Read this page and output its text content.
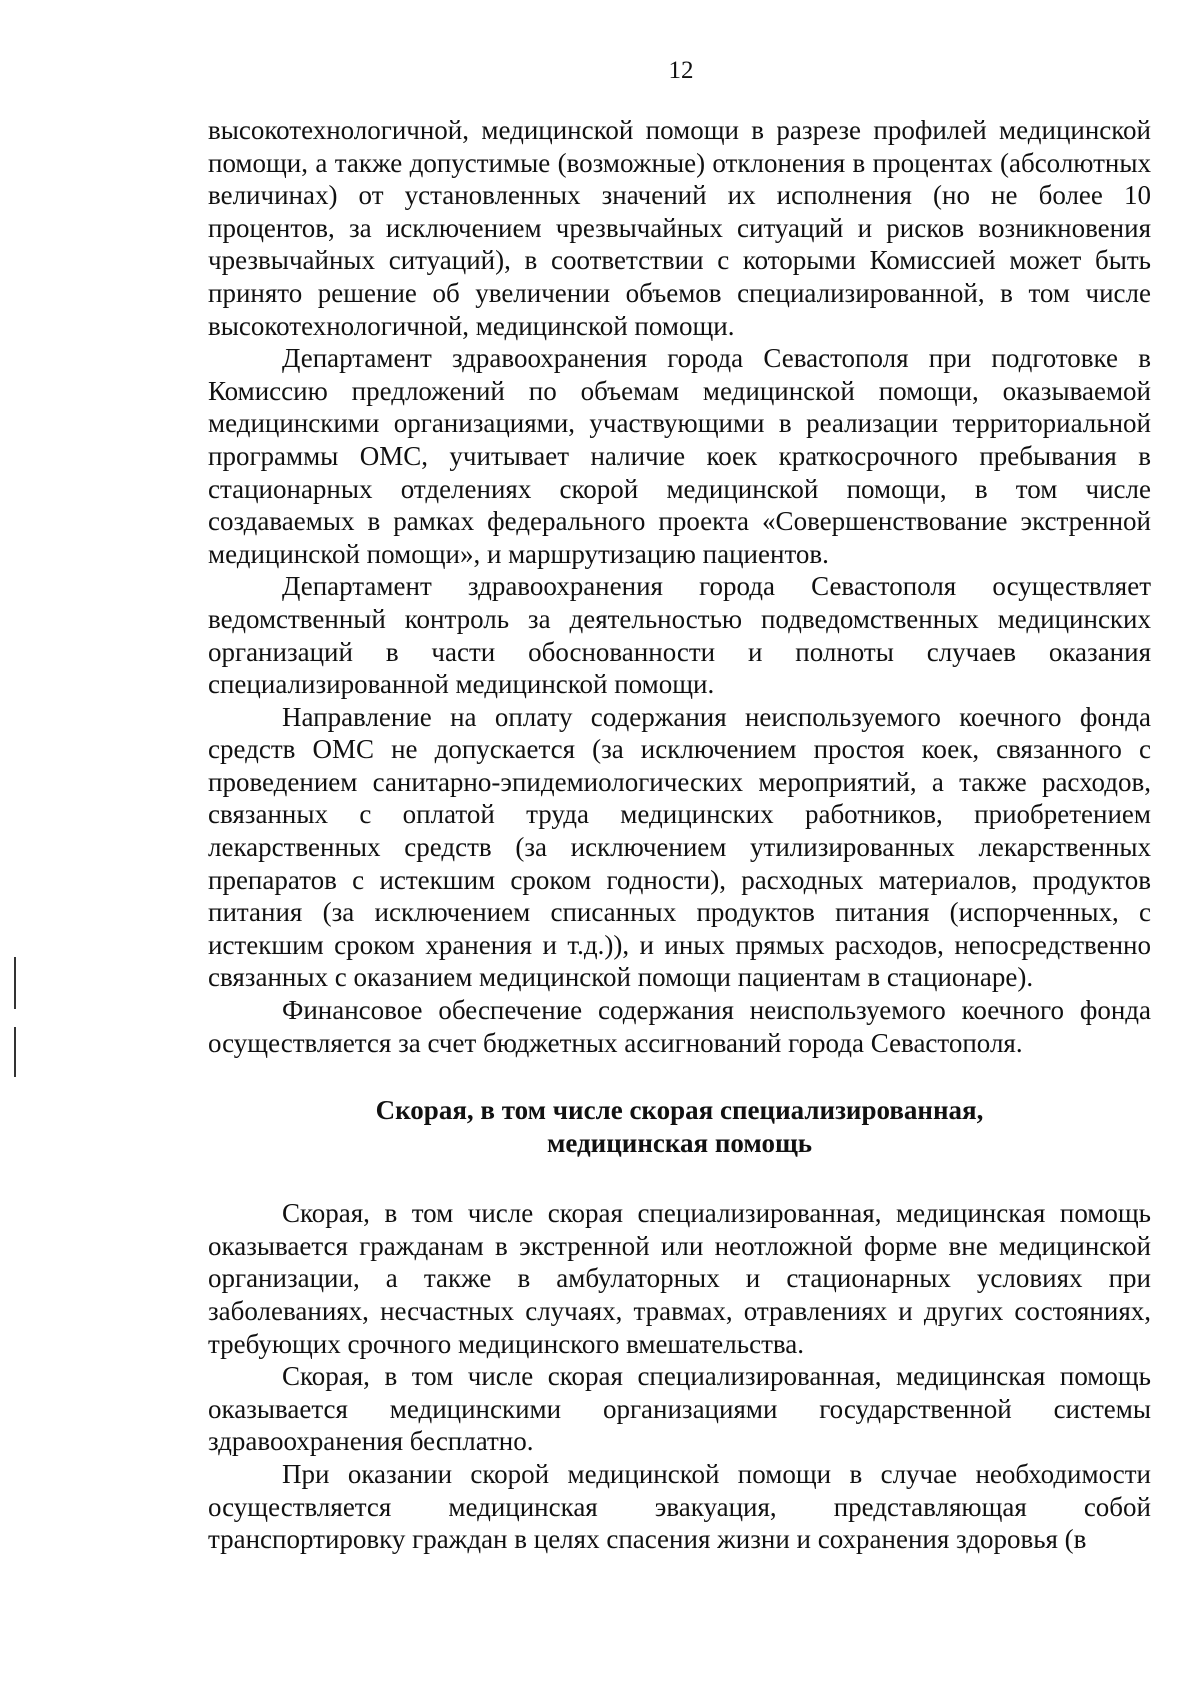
12

высокотехнологичной, медицинской помощи в разрезе профилей медицинской помощи, а также допустимые (возможные) отклонения в процентах (абсолютных величинах) от установленных значений их исполнения (но не более 10 процентов, за исключением чрезвычайных ситуаций и рисков возникновения чрезвычайных ситуаций), в соответствии с которыми Комиссией может быть принято решение об увеличении объемов специализированной, в том числе высокотехнологичной, медицинской помощи.

Департамент здравоохранения города Севастополя при подготовке в Комиссию предложений по объемам медицинской помощи, оказываемой медицинскими организациями, участвующими в реализации территориальной программы ОМС, учитывает наличие коек краткосрочного пребывания в стационарных отделениях скорой медицинской помощи, в том числе создаваемых в рамках федерального проекта «Совершенствование экстренной медицинской помощи», и маршрутизацию пациентов.

Департамент здравоохранения города Севастополя осуществляет ведомственный контроль за деятельностью подведомственных медицинских организаций в части обоснованности и полноты случаев оказания специализированной медицинской помощи.

Направление на оплату содержания неиспользуемого коечного фонда средств ОМС не допускается (за исключением простоя коек, связанного с проведением санитарно-эпидемиологических мероприятий, а также расходов, связанных с оплатой труда медицинских работников, приобретением лекарственных средств (за исключением утилизированных лекарственных препаратов с истекшим сроком годности), расходных материалов, продуктов питания (за исключением списанных продуктов питания (испорченных, с истекшим сроком хранения и т.д.)), и иных прямых расходов, непосредственно связанных с оказанием медицинской помощи пациентам в стационаре).

Финансовое обеспечение содержания неиспользуемого коечного фонда осуществляется за счет бюджетных ассигнований города Севастополя.

Скорая, в том числе скорая специализированная,
медицинская помощь

Скорая, в том числе скорая специализированная, медицинская помощь оказывается гражданам в экстренной или неотложной форме вне медицинской организации, а также в амбулаторных и стационарных условиях при заболеваниях, несчастных случаях, травмах, отравлениях и других состояниях, требующих срочного медицинского вмешательства.

Скорая, в том числе скорая специализированная, медицинская помощь оказывается медицинскими организациями государственной системы здравоохранения бесплатно.

При оказании скорой медицинской помощи в случае необходимости осуществляется медицинская эвакуация, представляющая собой транспортировку граждан в целях спасения жизни и сохранения здоровья (в
